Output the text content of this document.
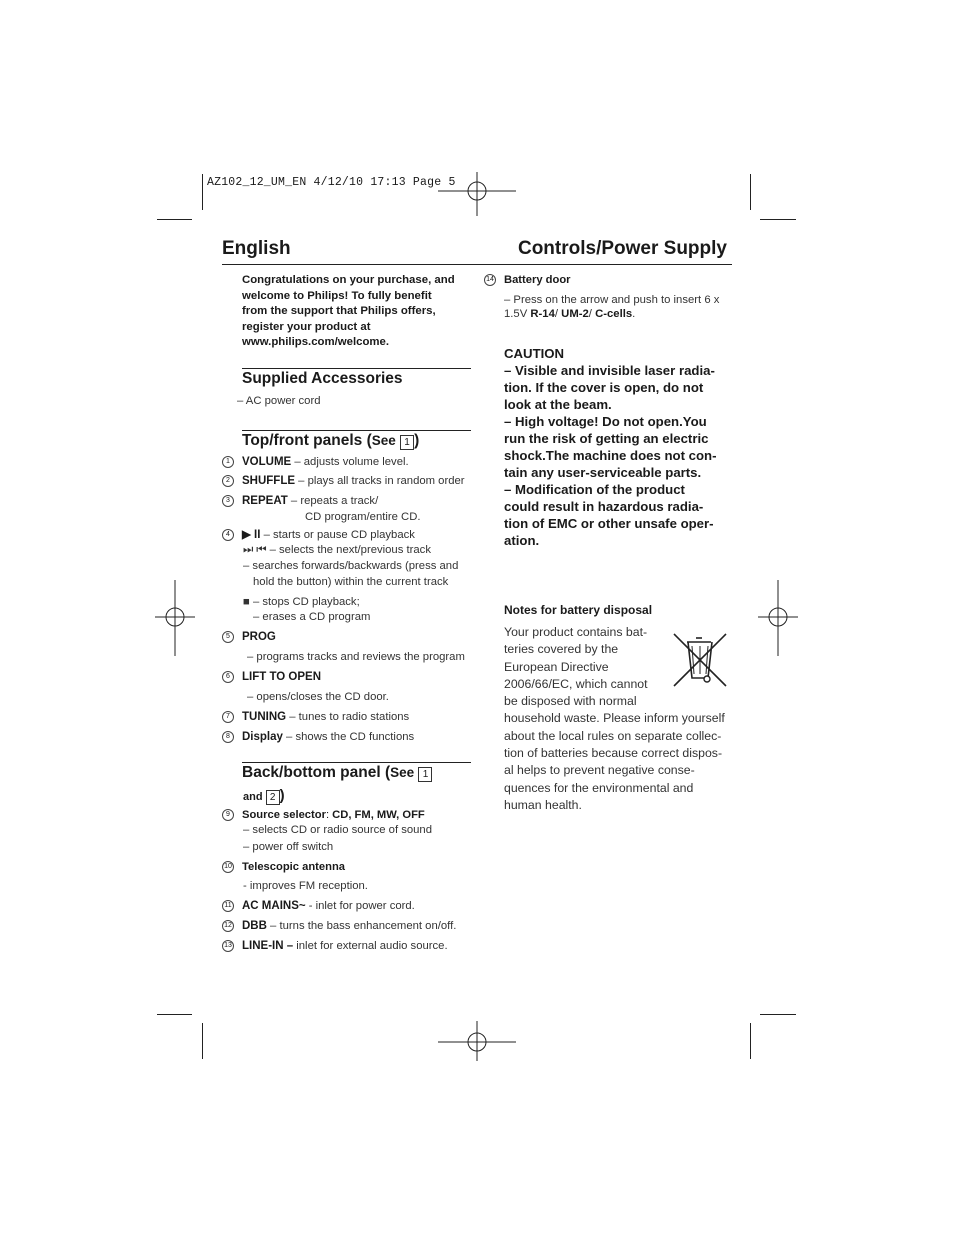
AZ102_12_UM_EN 4/12/10 17:13 Page 5
English	Controls/Power Supply
Congratulations on your purchase, and
welcome to Philips! To fully benefit
from the support that Philips offers,
register your product at
www.philips.com/welcome.
Supplied Accessories
– AC power cord
Top/front panels (See 1 )
1 VOLUME – adjusts volume level.
2 SHUFFLE – plays all tracks in random order
3 REPEAT – repeats a track/
CD program/entire CD.
4 ▶ II – starts or pause CD playback
⏭ ⏮ – selects the next/previous track
– searches forwards/backwards (press and
hold the button) within the current track
■ – stops CD playback;
– erases a CD program
5 PROG
– programs tracks and reviews the program
6 LIFT TO OPEN
– opens/closes the CD door.
7 TUNING – tunes to radio stations
8 Display – shows the CD functions
Back/bottom panel (See 1
and 2 )
9 Source selector: CD, FM, MW, OFF
– selects CD or radio source of sound
– power off switch
10 Telescopic antenna
- improves FM reception.
11 AC MAINS~ - inlet for power cord.
12 DBB – turns the bass enhancement on/off.
13 LINE-IN – inlet for external audio source.
14 Battery door
– Press on the arrow and push to insert 6 x
1.5V R-14/ UM-2/ C-cells.
CAUTION
– Visible and invisible laser radia-
tion. If the cover is open, do not
look at the beam.
– High voltage! Do not open.You
run the risk of getting an electric
shock.The machine does not con-
tain any user-serviceable parts.
– Modification of the product
could result in hazardous radia-
tion of EMC or other unsafe oper-
ation.
Notes for battery disposal
Your product contains bat-
teries covered by the
European Directive
2006/66/EC, which cannot
be disposed with normal
household waste. Please inform yourself
about the local rules on separate collec-
tion of batteries because correct dispos-
al helps to prevent negative conse-
quences for the environmental and
human health.
